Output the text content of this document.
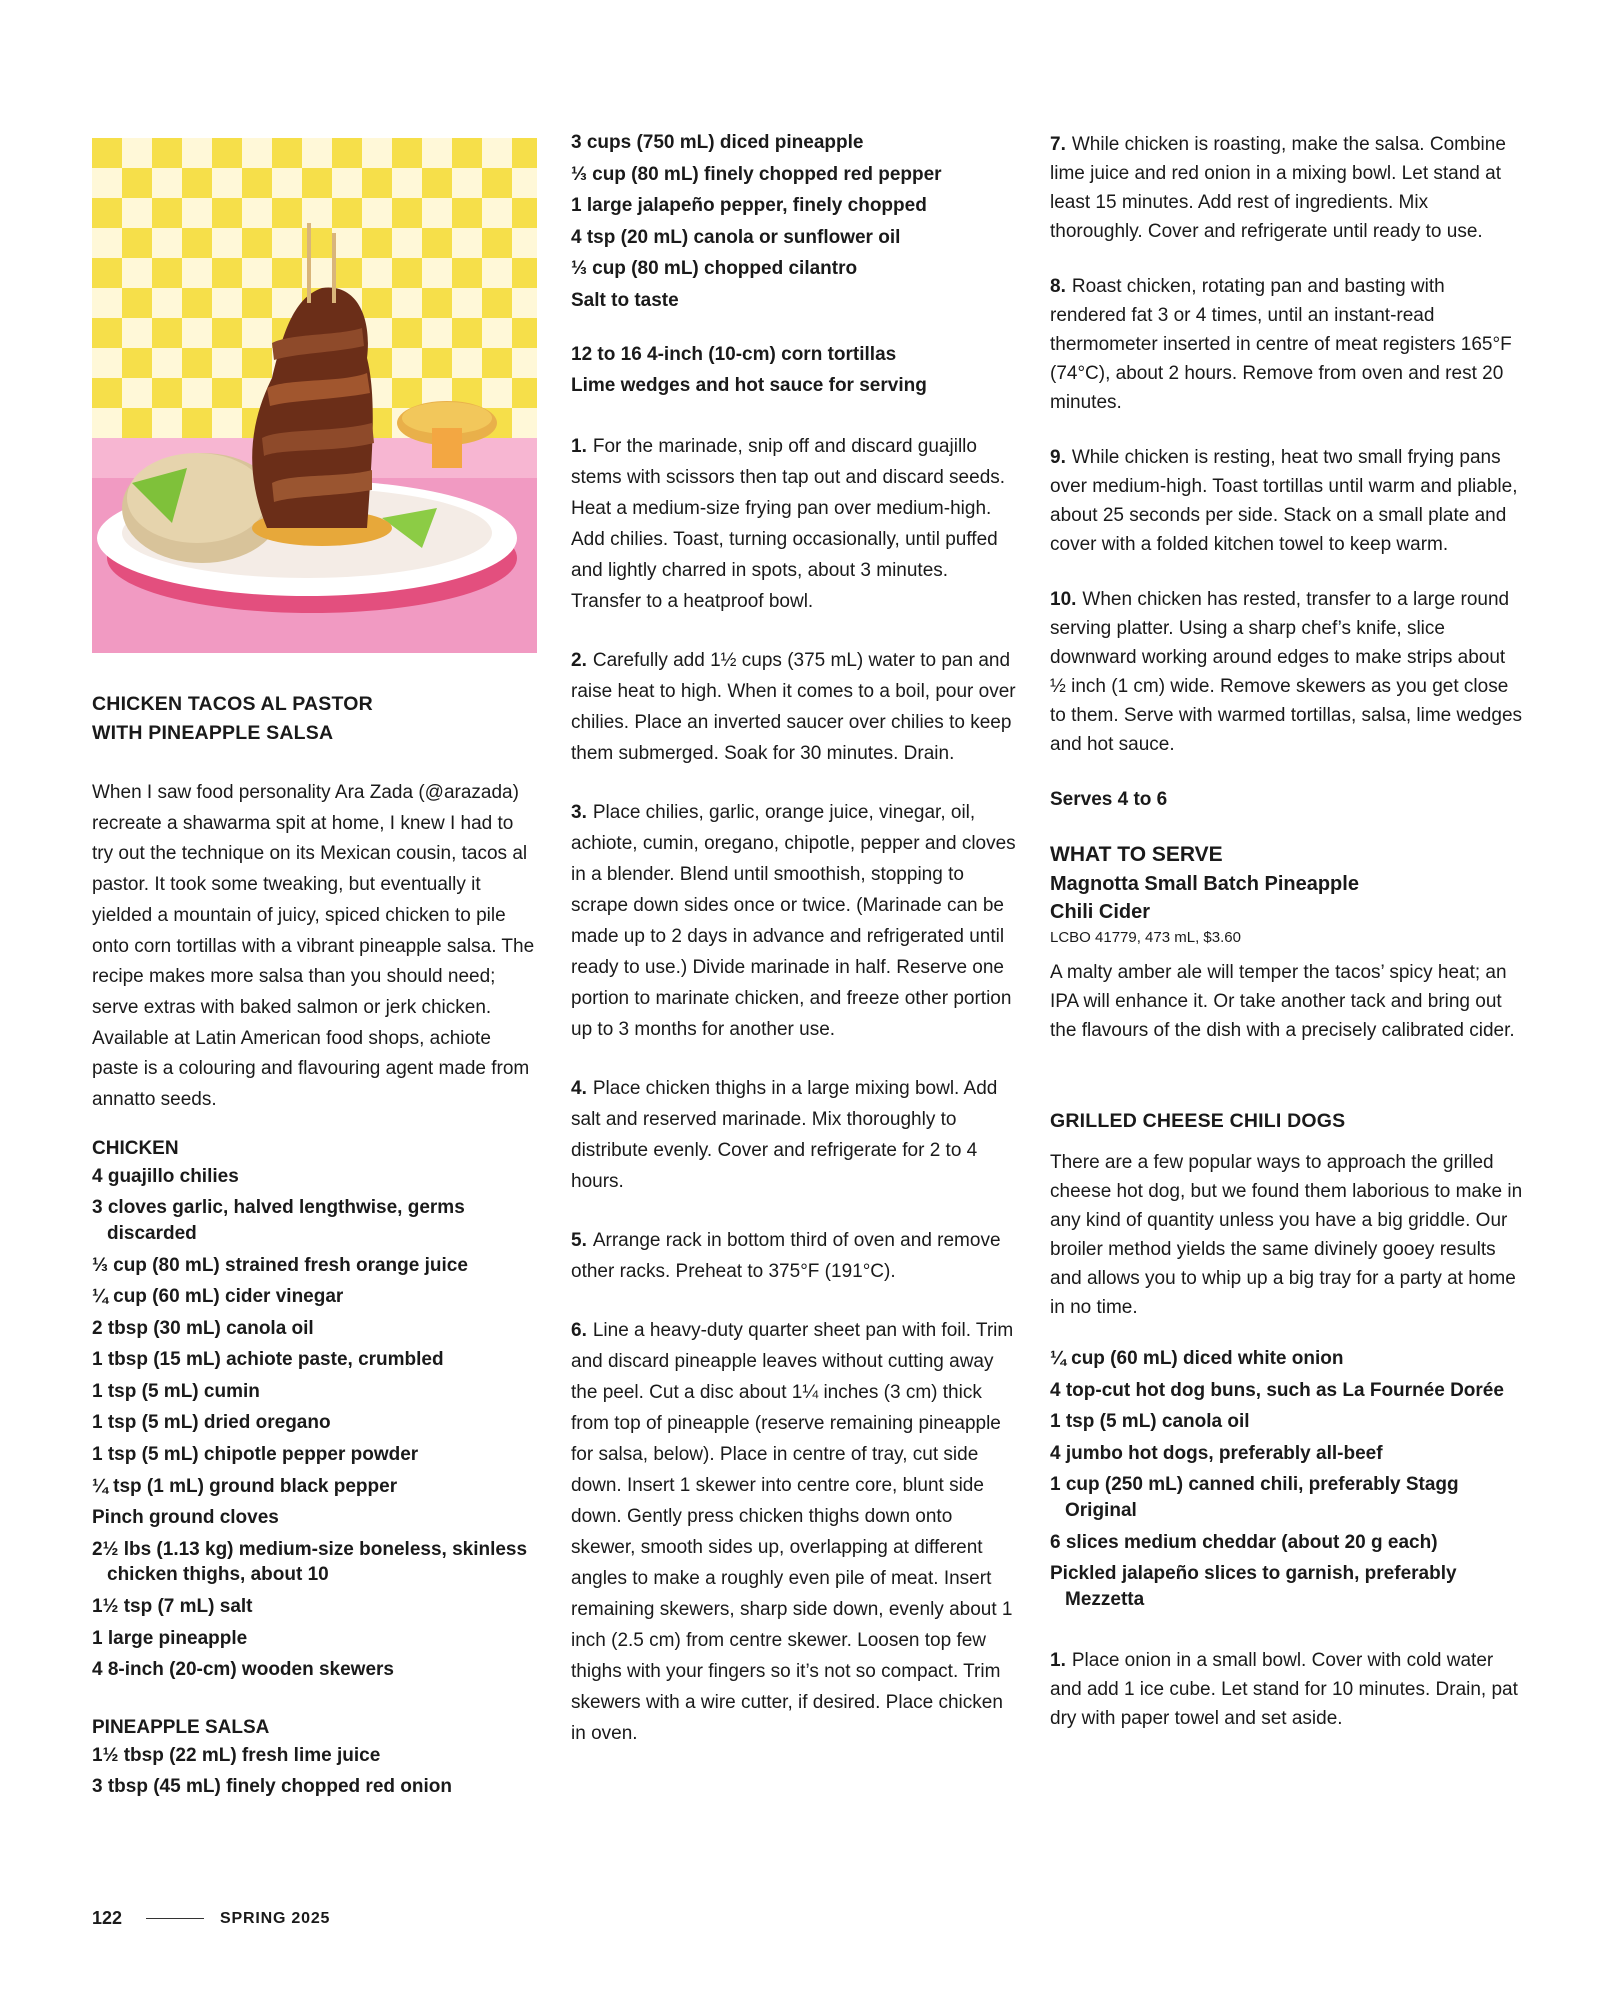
CHICKEN TACOS AL PASTOR
WITH PINEAPPLE SALSA

When I saw food personality Ara Zada (@arazada) recreate a shawarma spit at home, I knew I had to try out the technique on its Mexican cousin, tacos al pastor. It took some tweaking, but eventually it yielded a mountain of juicy, spiced chicken to pile onto corn tortillas with a vibrant pineapple salsa. The recipe makes more salsa than you should need; serve extras with baked salmon or jerk chicken. Available at Latin American food shops, achiote paste is a colouring and flavouring agent made from annatto seeds.

CHICKEN

4 guajillo chilies
3 cloves garlic, halved lengthwise, germs discarded
⅓ cup (80 mL) strained fresh orange juice
¼ cup (60 mL) cider vinegar
2 tbsp (30 mL) canola oil
1 tbsp (15 mL) achiote paste, crumbled
1 tsp (5 mL) cumin
1 tsp (5 mL) dried oregano
1 tsp (5 mL) chipotle pepper powder
¼ tsp (1 mL) ground black pepper
Pinch ground cloves
2½ lbs (1.13 kg) medium-size boneless, skinless chicken thighs, about 10
1½ tsp (7 mL) salt
1 large pineapple
4 8-inch (20-cm) wooden skewers

PINEAPPLE SALSA

1½ tbsp (22 mL) fresh lime juice
3 tbsp (45 mL) finely chopped red onion
3 cups (750 mL) diced pineapple
⅓ cup (80 mL) finely chopped red pepper
1 large jalapeño pepper, finely chopped
4 tsp (20 mL) canola or sunflower oil
⅓ cup (80 mL) chopped cilantro
Salt to taste
12 to 16 4-inch (10-cm) corn tortillas
Lime wedges and hot sauce for serving

1. For the marinade, snip off and discard guajillo stems with scissors then tap out and discard seeds. Heat a medium-size frying pan over medium-high. Add chilies. Toast, turning occasionally, until puffed and lightly charred in spots, about 3 minutes. Transfer to a heatproof bowl.

2. Carefully add 1½ cups (375 mL) water to pan and raise heat to high. When it comes to a boil, pour over chilies. Place an inverted saucer over chilies to keep them submerged. Soak for 30 minutes. Drain.

3. Place chilies, garlic, orange juice, vinegar, oil, achiote, cumin, oregano, chipotle, pepper and cloves in a blender. Blend until smoothish, stopping to scrape down sides once or twice. (Marinade can be made up to 2 days in advance and refrigerated until ready to use.) Divide marinade in half. Reserve one portion to marinate chicken, and freeze other portion up to 3 months for another use.

4. Place chicken thighs in a large mixing bowl. Add salt and reserved marinade. Mix thoroughly to distribute evenly. Cover and refrigerate for 2 to 4 hours.

5. Arrange rack in bottom third of oven and remove other racks. Preheat to 375°F (191°C).

6. Line a heavy-duty quarter sheet pan with foil. Trim and discard pineapple leaves without cutting away the peel. Cut a disc about 1¼ inches (3 cm) thick from top of pineapple (reserve remaining pineapple for salsa, below). Place in centre of tray, cut side down. Insert 1 skewer into centre core, blunt side down. Gently press chicken thighs down onto skewer, smooth sides up, overlapping at different angles to make a roughly even pile of meat. Insert remaining skewers, sharp side down, evenly about 1 inch (2.5 cm) from centre skewer. Loosen top few thighs with your fingers so it’s not so compact. Trim skewers with a wire cutter, if desired. Place chicken in oven.

7. While chicken is roasting, make the salsa. Combine lime juice and red onion in a mixing bowl. Let stand at least 15 minutes. Add rest of ingredients. Mix thoroughly. Cover and refrigerate until ready to use.

8. Roast chicken, rotating pan and basting with rendered fat 3 or 4 times, until an instant-read thermometer inserted in centre of meat registers 165°F (74°C), about 2 hours. Remove from oven and rest 20 minutes.

9. While chicken is resting, heat two small frying pans over medium-high. Toast tortillas until warm and pliable, about 25 seconds per side. Stack on a small plate and cover with a folded kitchen towel to keep warm.

10. When chicken has rested, transfer to a large round serving platter. Using a sharp chef’s knife, slice downward working around edges to make strips about ½ inch (1 cm) wide. Remove skewers as you get close to them. Serve with warmed tortillas, salsa, lime wedges and hot sauce.

Serves 4 to 6

WHAT TO SERVE

Magnotta Small Batch Pineapple
Chili Cider

LCBO 41779, 473 mL, $3.60

A malty amber ale will temper the tacos’ spicy heat; an IPA will enhance it. Or take another tack and bring out the flavours of the dish with a precisely calibrated cider.

GRILLED CHEESE CHILI DOGS

There are a few popular ways to approach the grilled cheese hot dog, but we found them laborious to make in any kind of quantity unless you have a big griddle. Our broiler method yields the same divinely gooey results and allows you to whip up a big tray for a party at home in no time.

¼ cup (60 mL) diced white onion
4 top-cut hot dog buns, such as La Fournée Dorée
1 tsp (5 mL) canola oil
4 jumbo hot dogs, preferably all-beef
1 cup (250 mL) canned chili, preferably Stagg Original
6 slices medium cheddar (about 20 g each)
Pickled jalapeño slices to garnish, preferably Mezzetta

1. Place onion in a small bowl. Cover with cold water and add 1 ice cube. Let stand for 10 minutes. Drain, pat dry with paper towel and set aside.

122	SPRING 2025
